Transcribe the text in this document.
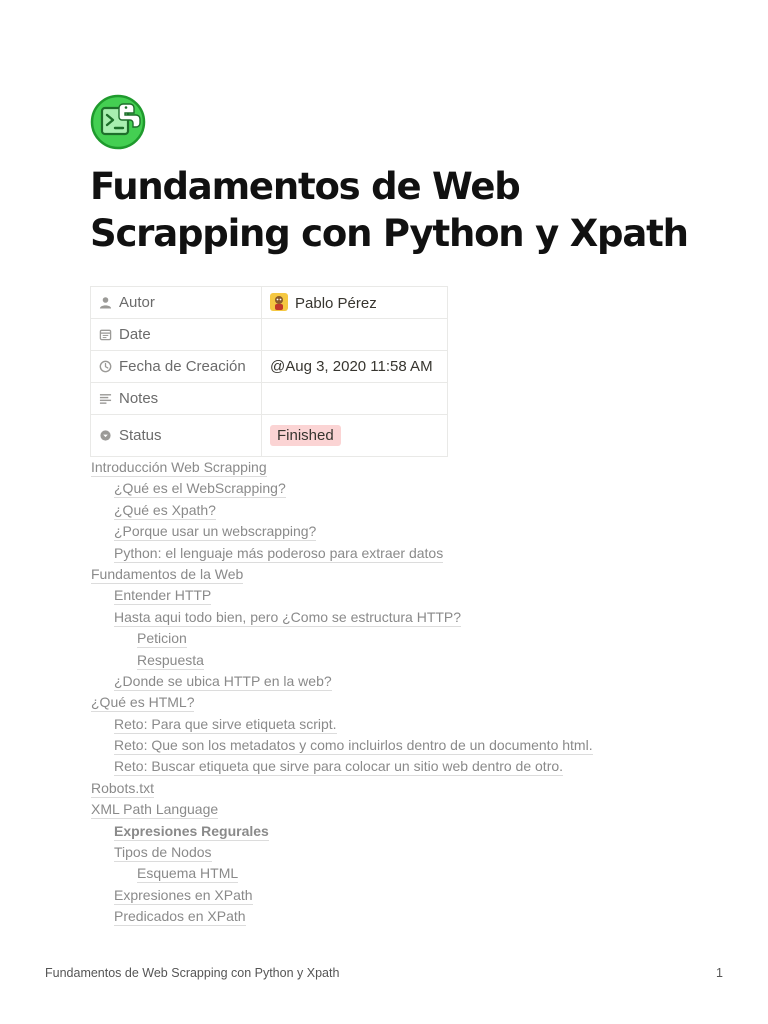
Fundamentos de Web Scrapping con Python y Xpath
Autor	Pablo Pérez
Date	
Fecha de Creación	@Aug 3, 2020 11:58 AM
Notes	
Status	Finished
Introducción Web Scrapping
¿Qué es el WebScrapping?
¿Qué es Xpath?
¿Porque usar un webscrapping?
Python: el lenguaje más poderoso para extraer datos
Fundamentos de la Web
Entender HTTP
Hasta aqui todo bien, pero ¿Como se estructura HTTP?
Peticion
Respuesta
¿Donde se ubica HTTP en la web?
¿Qué es HTML?
Reto: Para que sirve etiqueta script.
Reto: Que son los metadatos y como incluirlos dentro de un documento html.
Reto: Buscar etiqueta que sirve para colocar un sitio web dentro de otro.
Robots.txt
XML Path Language
Expresiones Regurales
Tipos de Nodos
Esquema HTML
Expresiones en XPath
Predicados en XPath
Fundamentos de Web Scrapping con Python y Xpath	1
